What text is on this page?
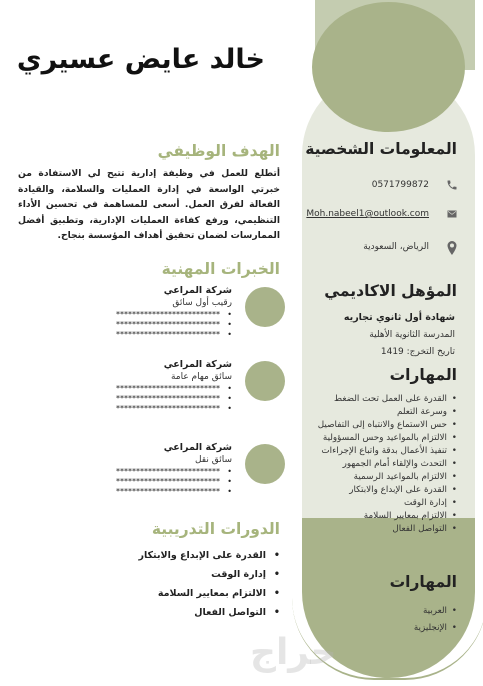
خالد عايض عسيري
المعلومات الشخصية
0571799872
Moh.nabeel1@outlook.com
الرياض، السعودية
المؤهل الاكاديمي
شهادة أول ثانوي تجاريه
المدرسة الثانوية الأهلية
تاريخ التخرج: 1419
المهارات
• القدرة على العمل تحت الضغط
• وسرعة التعلم
• حس الاستماع والانتباه إلى التفاصيل
• الالتزام بالمواعيد وحس المسؤولية
• تنفيذ الأعمال بدقة واتباع الإجراءات
• التحدث والإلقاء أمام الجمهور
• الالتزام بالمواعيد الرسمية
• القدرة على الإبداع والابتكار
• إدارة الوقت
• الالتزام بمعايير السلامة
• التواصل الفعال
المهارات
• العربية
• الإنجليزية
الهدف الوظيفي
أتطلع للعمل في وظيفة إدارية تتيح لي الاستفادة من خبرتي الواسعة في إدارة العمليات والسلامة، والقيادة الفعالة لفرق العمل. أسعى للمساهمة في تحسين الأداء التنظيمي، ورفع كفاءة العمليات الإدارية، وتطبيق أفضل الممارسات لضمان تحقيق أهداف المؤسسة بنجاح.
الخبرات المهنية
شركة المراعي
رقيب أول سائق
• **************************
• **************************
• **************************
شركة المراعي
سائق مهام عامة
• **************************
• **************************
• **************************
شركة المراعي
سائق نقل
• **************************
• **************************
• **************************
الدورات التدريبية
• القدرة على الإبداع والابتكار
• إدارة الوقت
• الالتزام بمعايير السلامة
• التواصل الفعال
حراج
